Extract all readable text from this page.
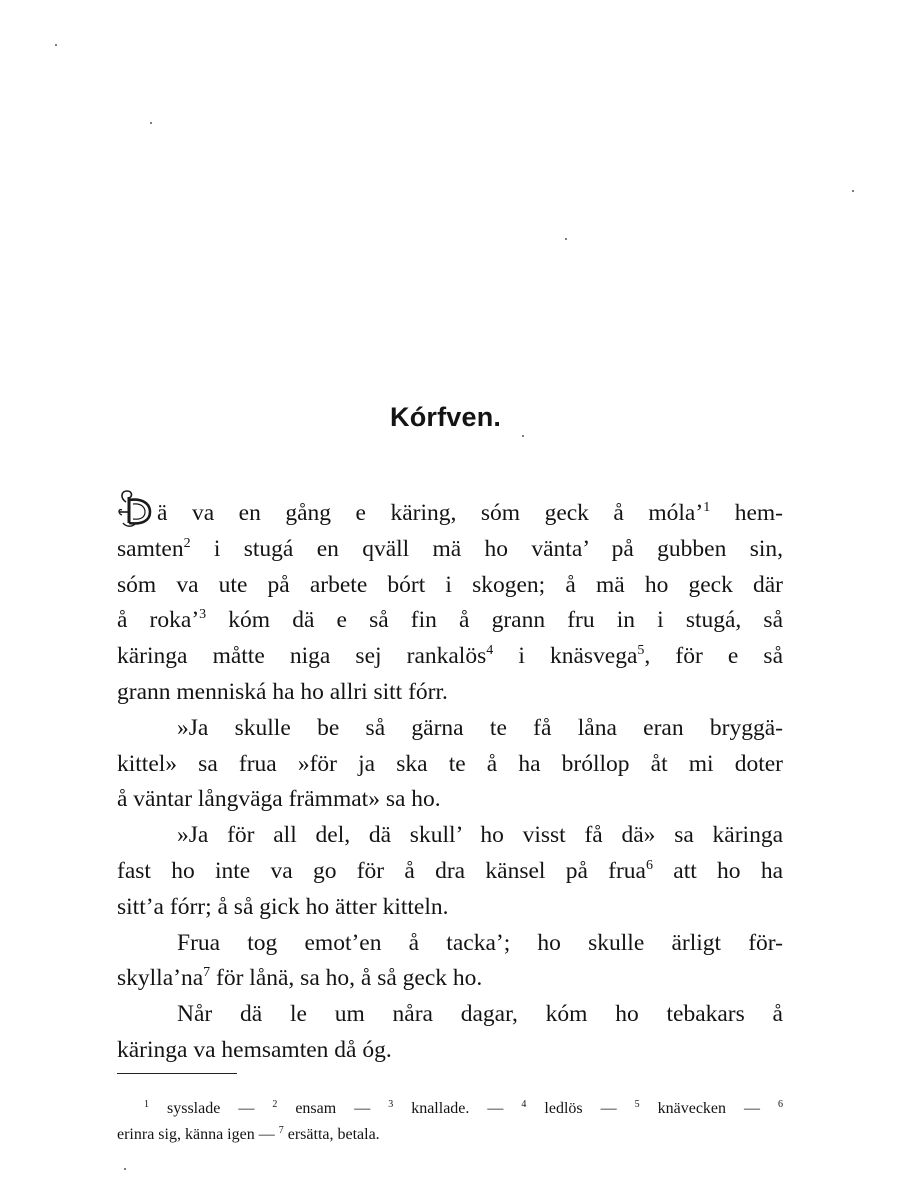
Kórfven.
ä va en gång e käring, sóm geck å móla’$^1$ hem-
samten$^2$ i stugá en qväll mä ho vänta’ på gubben sin,
sóm va ute på arbete bórt i skogen; å mä ho geck där
å roka’$^3$ kóm dä e så fin å grann fru in i stugá, så
käringa måtte niga sej rankalös$^4$ i knäsvega$^5$, för e så
grann menniská ha ho allri sitt fórr.
»Ja skulle be så gärna te få låna eran bryggä-
kittel» sa frua »för ja ska te å ha bróllop åt mi doter
å väntar långväga främmat» sa ho.
»Ja för all del, dä skull’ ho visst få dä» sa käringa
fast ho inte va go för å dra känsel på frua$^6$ att ho ha
sitt’a fórr; å så gick ho ätter kitteln.
Frua tog emot’en å tacka’; ho skulle ärligt för-
$skylla’na^7$ för lånä, sa ho, å så geck ho.
Når dä le um nåra dagar, kóm ho tebakars å
käringa va hemsamten då óg.
$^1$ sysslade — $^2$ ensam — $^3$ knallade. — $^4$ ledlös — $^5$ knävecken — $^6$
erinra sig, känna igen — $^7$ ersätta, betala.
